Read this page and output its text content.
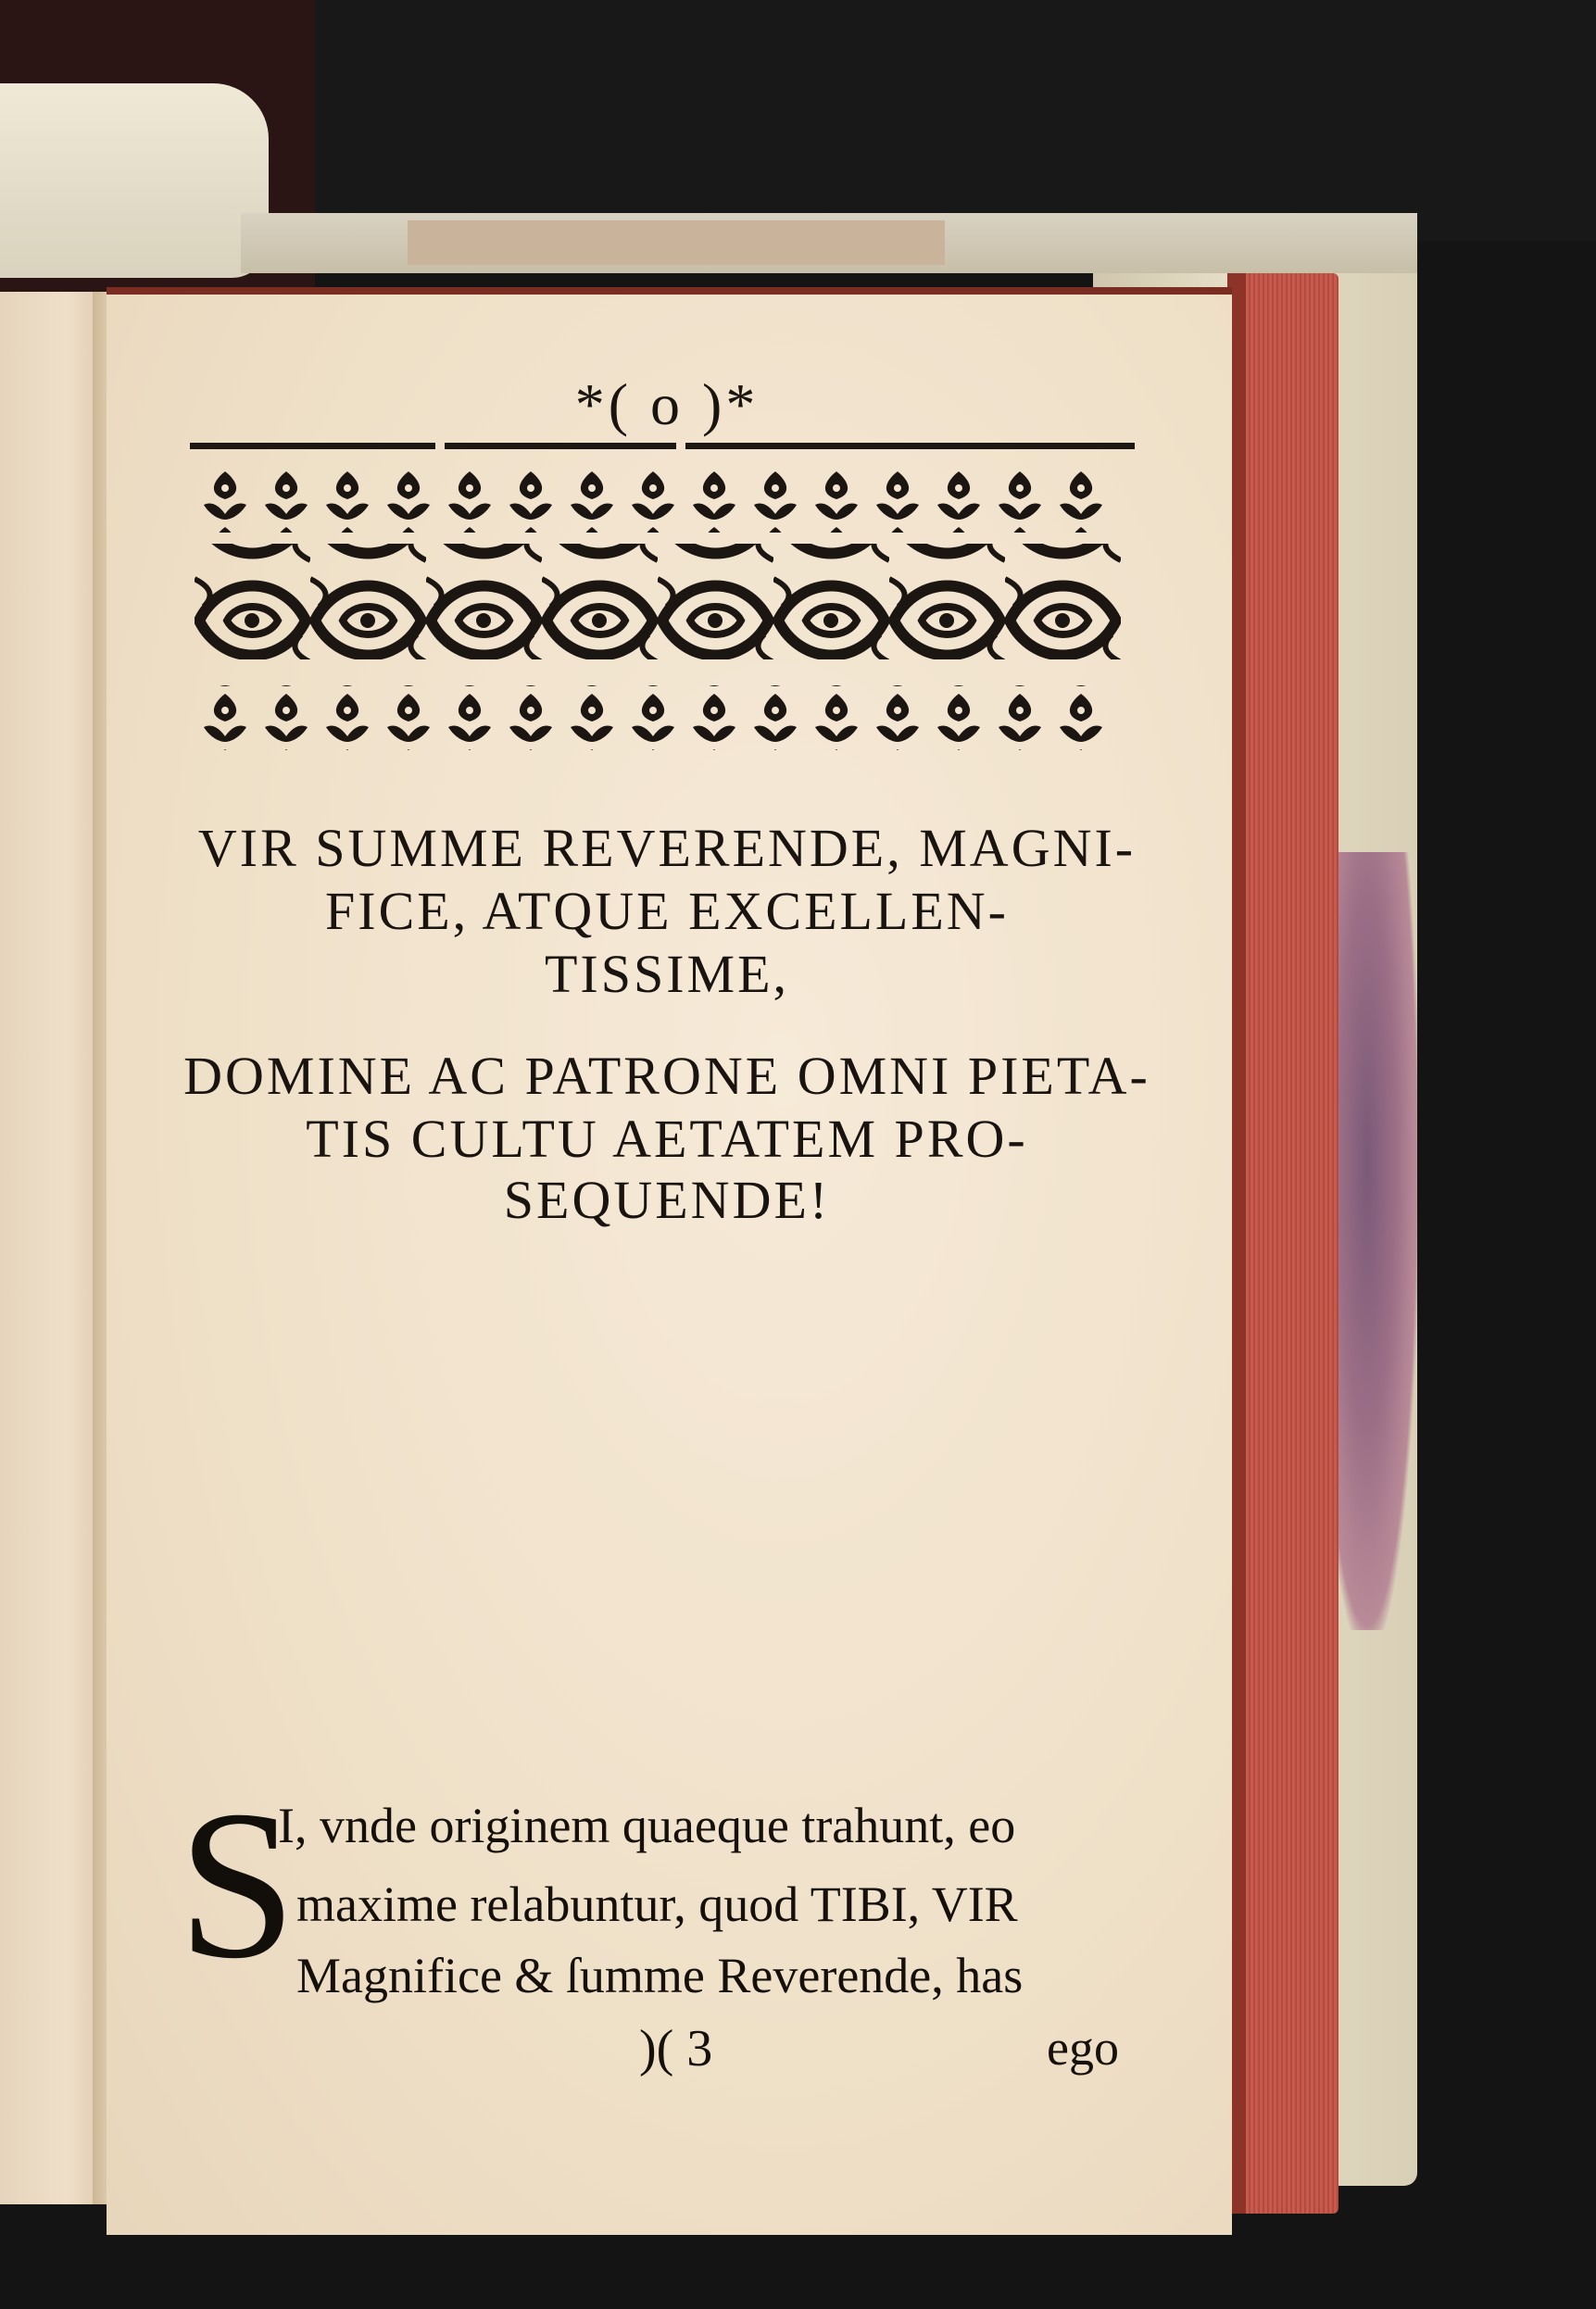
*( o )*
VIR SUMME REVERENDE, MAGNI-
FICE, ATQUE EXCELLEN-
TISSIME,
DOMINE AC PATRONE OMNI PIETA-
TIS CULTU AETATEM PRO-
SEQUENDE!
S
I, vnde originem quaeque trahunt, eo
maxime relabuntur, quod TIBI, VIR
Magnifice & ſumme Reverende, has
)( 3	ego
